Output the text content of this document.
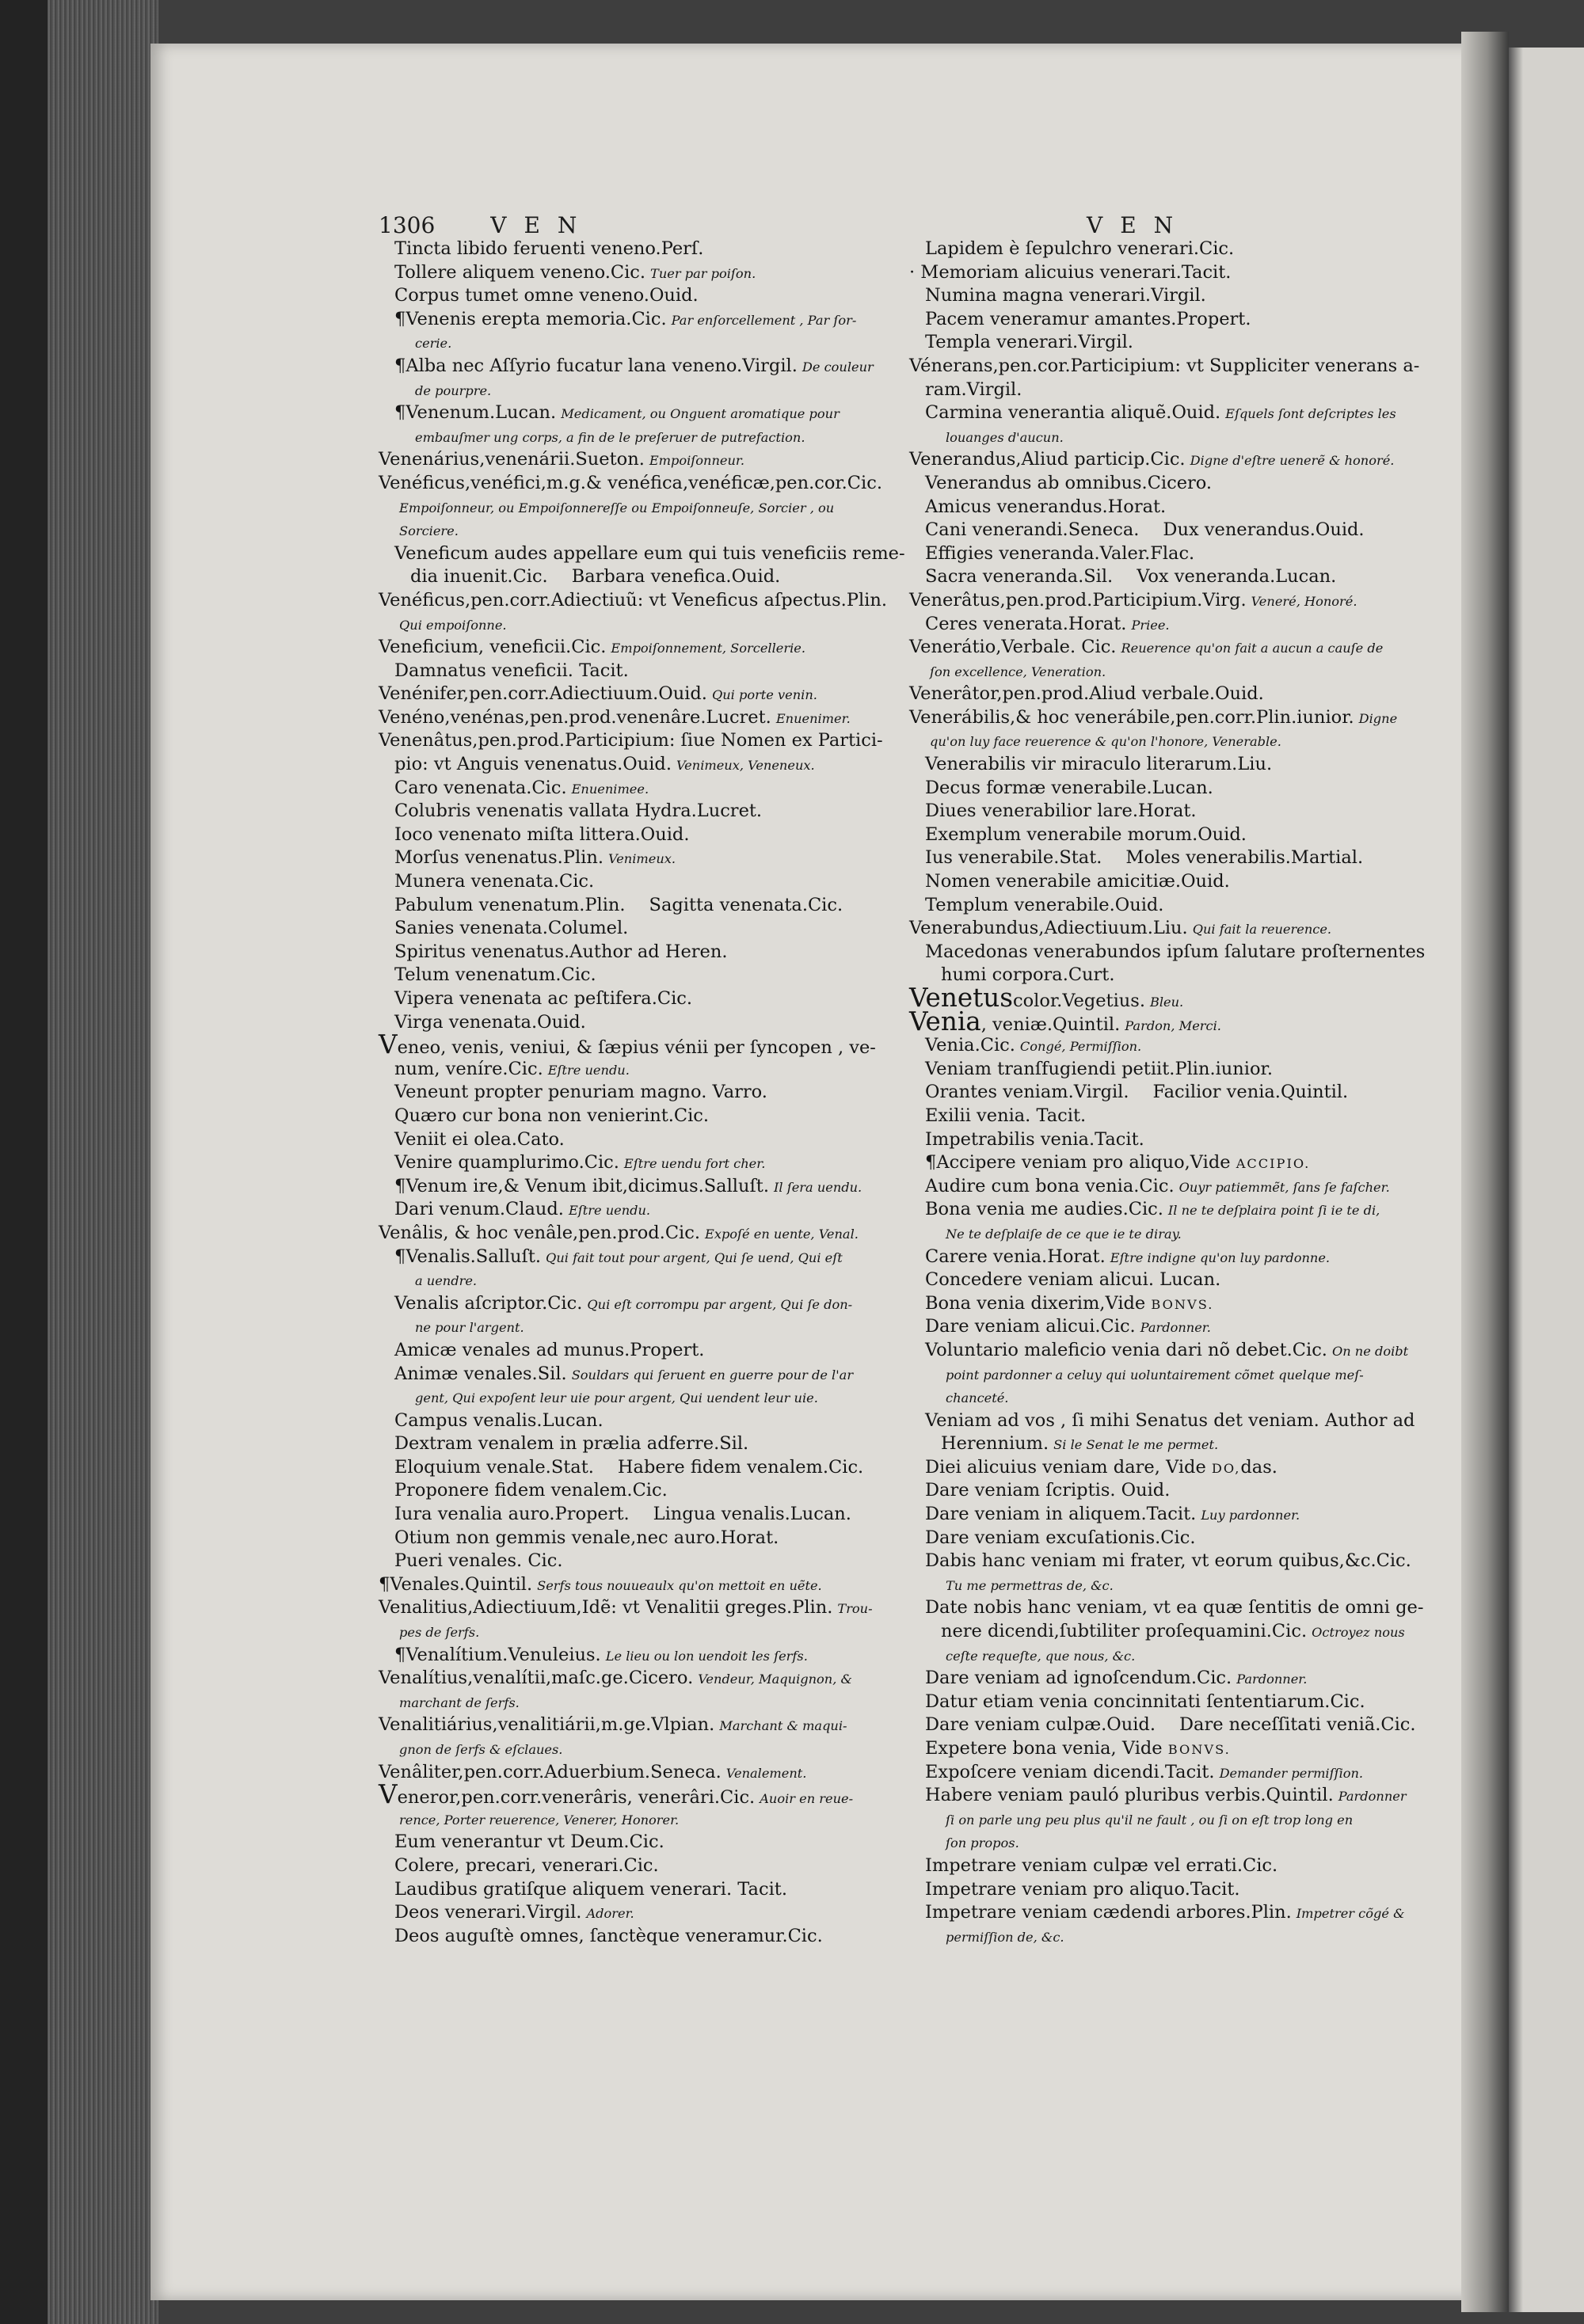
1306	VEN	VEN
Tincta libido feruenti veneno.Perſ.
Tollere aliquem veneno.Cic. Tuer par poiſon.
Corpus tumet omne veneno.Ouid.
¶Venenis erepta memoria.Cic. Par enſorcellement , Par ſor-
cerie.
¶Alba nec Aſſyrio fucatur lana veneno.Virgil. De couleur
de pourpre.
¶Venenum.Lucan. Medicament, ou Onguent aromatique pour
embauſmer ung corps, a fin de le preſeruer de putrefaction.
Venenárius,venenárii.Sueton. Empoiſonneur.
Venéficus,venéfici,m.g.& venéfica,venéficæ,pen.cor.Cic.
Empoiſonneur, ou Empoiſonnereſſe ou Empoiſonneuſe, Sorcier , ou
Sorciere.
Veneficum audes appellare eum qui tuis veneficiis reme-
dia inuenit.Cic. Barbara venefica.Ouid.
Venéficus,pen.corr.Adiectiuũ: vt Veneficus aſpectus.Plin.
Qui empoiſonne.
Veneficium, veneficii.Cic. Empoiſonnement, Sorcellerie.
Damnatus veneficii. Tacit.
Venénifer,pen.corr.Adiectiuum.Ouid. Qui porte venin.
Venéno,venénas,pen.prod.venenâre.Lucret. Enuenimer.
Venenâtus,pen.prod.Participium: ſiue Nomen ex Partici-
pio: vt Anguis venenatus.Ouid. Venimeux, Veneneux.
Caro venenata.Cic. Enuenimee.
Colubris venenatis vallata Hydra.Lucret.
Ioco venenato miſta littera.Ouid.
Morſus venenatus.Plin. Venimeux.
Munera venenata.Cic.
Pabulum venenatum.Plin. Sagitta venenata.Cic.
Sanies venenata.Columel.
Spiritus venenatus.Author ad Heren.
Telum venenatum.Cic.
Vipera venenata ac peſtifera.Cic.
Virga venenata.Ouid.
Veneo, venis, veniui, & ſæpius vénii per ſyncopen , ve-
num, veníre.Cic. Eſtre uendu.
Veneunt propter penuriam magno. Varro.
Quæro cur bona non venierint.Cic.
Veniit ei olea.Cato.
Venire quamplurimo.Cic. Eſtre uendu fort cher.
¶Venum ire,& Venum ibit,dicimus.Salluſt. Il ſera uendu.
Dari venum.Claud. Eſtre uendu.
Venâlis, & hoc venâle,pen.prod.Cic. Expoſé en uente, Venal.
¶Venalis.Salluſt. Qui fait tout pour argent, Qui ſe uend, Qui eſt
a uendre.
Venalis aſcriptor.Cic. Qui eſt corrompu par argent, Qui ſe don-
ne pour l'argent.
Amicæ venales ad munus.Propert.
Animæ venales.Sil. Souldars qui ſeruent en guerre pour de l'ar
gent, Qui expoſent leur uie pour argent, Qui uendent leur uie.
Campus venalis.Lucan.
Dextram venalem in prælia adferre.Sil.
Eloquium venale.Stat. Habere fidem venalem.Cic.
Proponere fidem venalem.Cic.
Iura venalia auro.Propert. Lingua venalis.Lucan.
Otium non gemmis venale,nec auro.Horat.
Pueri venales. Cic.
¶Venales.Quintil. Serfs tous nouueaulx qu'on mettoit en uẽte.
Venalitius,Adiectiuum,Idẽ: vt Venalitii greges.Plin. Trou-
pes de ſerfs.
¶Venalítium.Venuleius. Le lieu ou lon uendoit les ſerfs.
Venalítius,venalítii,maſc.ge.Cicero. Vendeur, Maquignon, &
marchant de ſerfs.
Venalitiárius,venalitiárii,m.ge.Vlpian. Marchant & maqui-
gnon de ſerfs & eſclaues.
Venâliter,pen.corr.Aduerbium.Seneca. Venalement.
Veneror,pen.corr.venerâris, venerâri.Cic. Auoir en reue-
rence, Porter reuerence, Venerer, Honorer.
Eum venerantur vt Deum.Cic.
Colere, precari, venerari.Cic.
Laudibus gratiſque aliquem venerari. Tacit.
Deos venerari.Virgil. Adorer.
Deos auguſtè omnes, ſanctèque veneramur.Cic.
Lapidem è ſepulchro venerari.Cic.
· Memoriam alicuius venerari.Tacit.
Numina magna venerari.Virgil.
Pacem veneramur amantes.Propert.
Templa venerari.Virgil.
Vénerans,pen.cor.Participium: vt Suppliciter venerans a-
ram.Virgil.
Carmina venerantia aliquẽ.Ouid. Eſquels ſont deſcriptes les
louanges d'aucun.
Venerandus,Aliud particip.Cic. Digne d'eſtre uenerẽ & honoré.
Venerandus ab omnibus.Cicero.
Amicus venerandus.Horat.
Cani venerandi.Seneca. Dux venerandus.Ouid.
Effigies veneranda.Valer.Flac.
Sacra veneranda.Sil. Vox veneranda.Lucan.
Venerâtus,pen.prod.Participium.Virg. Veneré, Honoré.
Ceres venerata.Horat. Priee.
Venerátio,Verbale. Cic. Reuerence qu'on fait a aucun a cauſe de
ſon excellence, Veneration.
Venerâtor,pen.prod.Aliud verbale.Ouid.
Venerábilis,& hoc venerábile,pen.corr.Plin.iunior. Digne
qu'on luy face reuerence & qu'on l'honore, Venerable.
Venerabilis vir miraculo literarum.Liu.
Decus formæ venerabile.Lucan.
Diues venerabilior lare.Horat.
Exemplum venerabile morum.Ouid.
Ius venerabile.Stat. Moles venerabilis.Martial.
Nomen venerabile amicitiæ.Ouid.
Templum venerabile.Ouid.
Venerabundus,Adiectiuum.Liu. Qui fait la reuerence.
Macedonas venerabundos ipſum ſalutare proſternentes
humi corpora.Curt.
Venetuscolor.Vegetius. Bleu.
Venia, veniæ.Quintil. Pardon, Merci.
Venia.Cic. Congé, Permiſſion.
Veniam tranſfugiendi petiit.Plin.iunior.
Orantes veniam.Virgil. Facilior venia.Quintil.
Exilii venia. Tacit.
Impetrabilis venia.Tacit.
¶Accipere veniam pro aliquo,Vide ACCIPIO.
Audire cum bona venia.Cic. Ouyr patiemmẽt, ſans ſe faſcher.
Bona venia me audies.Cic. Il ne te deſplaira point ſi ie te di,
Ne te deſplaiſe de ce que ie te diray.
Carere venia.Horat. Eſtre indigne qu'on luy pardonne.
Concedere veniam alicui. Lucan.
Bona venia dixerim,Vide BONVS.
Dare veniam alicui.Cic. Pardonner.
Voluntario maleficio venia dari nõ debet.Cic. On ne doibt
point pardonner a celuy qui uoluntairement cõmet quelque meſ-
chanceté.
Veniam ad vos , ſi mihi Senatus det veniam. Author ad
Herennium. Si le Senat le me permet.
Diei alicuius veniam dare, Vide DO,das.
Dare veniam ſcriptis. Ouid.
Dare veniam in aliquem.Tacit. Luy pardonner.
Dare veniam excuſationis.Cic.
Dabis hanc veniam mi frater, vt eorum quibus,&c.Cic.
Tu me permettras de, &c.
Date nobis hanc veniam, vt ea quæ ſentitis de omni ge-
nere dicendi,ſubtiliter proſequamini.Cic. Octroyez nous
ceſte requeſte, que nous, &c.
Dare veniam ad ignoſcendum.Cic. Pardonner.
Datur etiam venia concinnitati ſententiarum.Cic.
Dare veniam culpæ.Ouid. Dare neceſſitati veniã.Cic.
Expetere bona venia, Vide BONVS.
Expoſcere veniam dicendi.Tacit. Demander permiſſion.
Habere veniam pauló pluribus verbis.Quintil. Pardonner
ſi on parle ung peu plus qu'il ne fault , ou ſi on eſt trop long en
ſon propos.
Impetrare veniam culpæ vel errati.Cic.
Impetrare veniam pro aliquo.Tacit.
Impetrare veniam cædendi arbores.Plin. Impetrer cõgé &
permiſſion de, &c.
